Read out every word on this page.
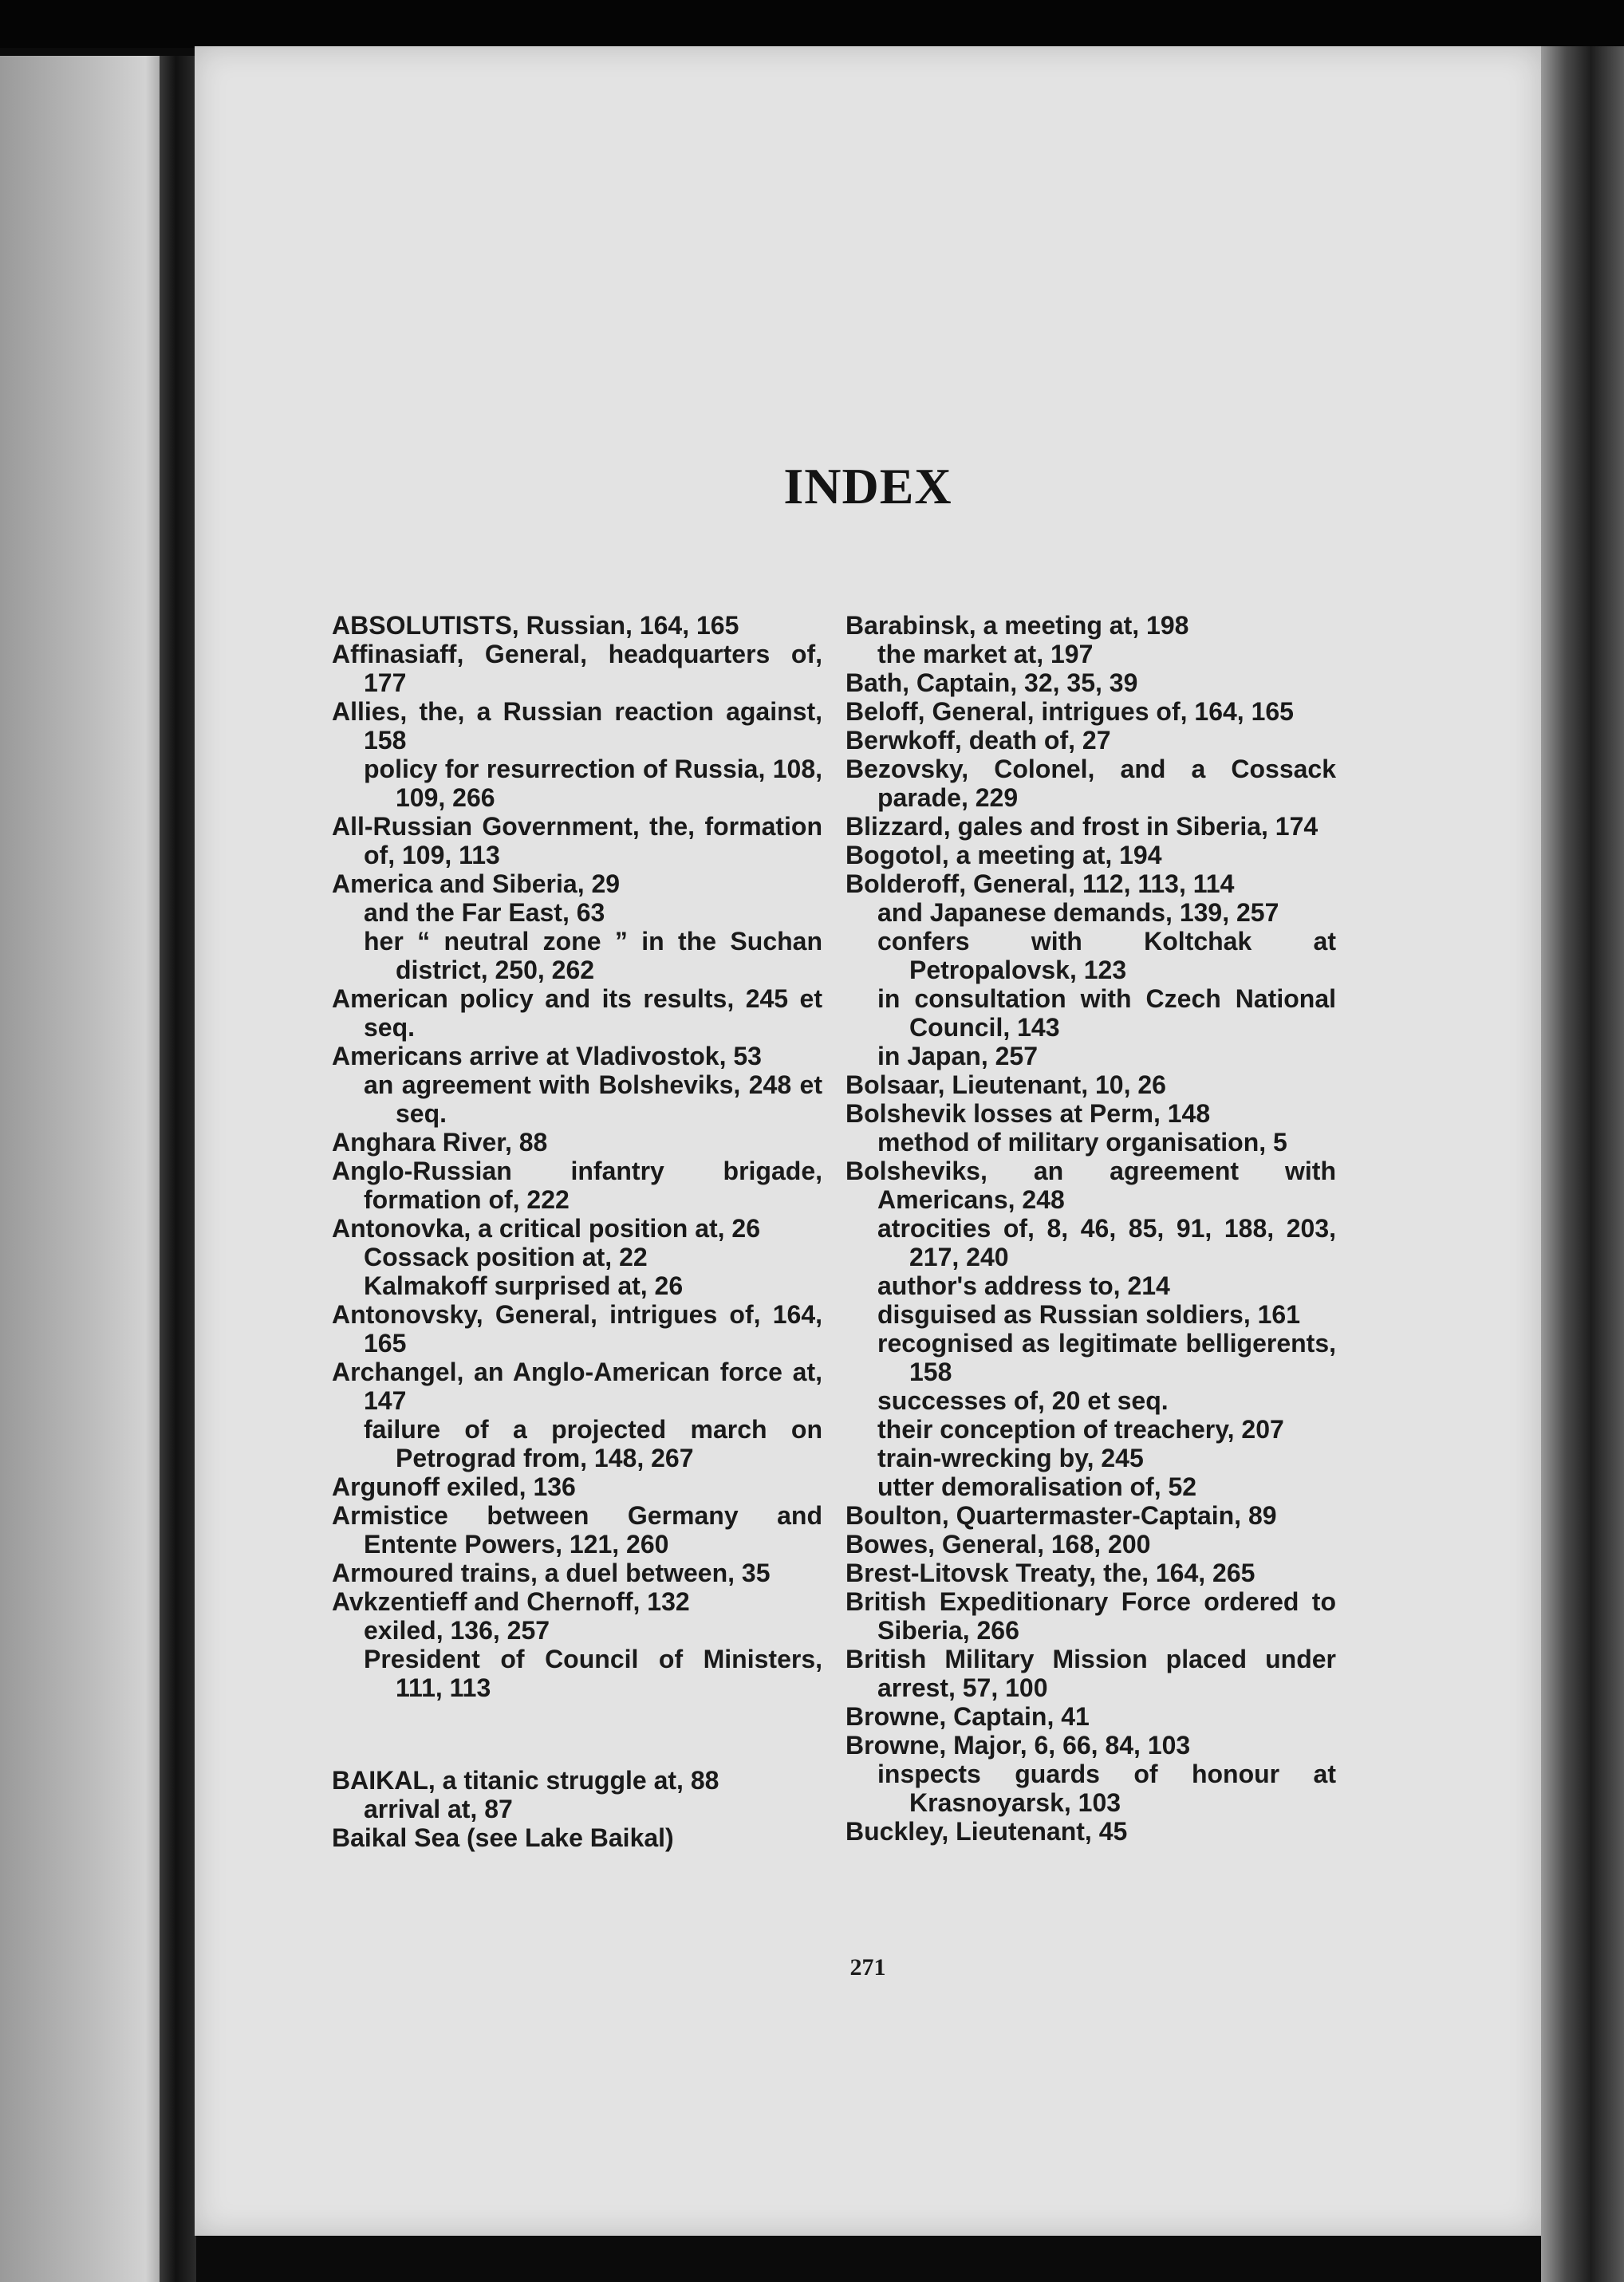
INDEX
ABSOLUTISTS, Russian, 164, 165
Affinasiaff, General, headquarters of, 177
Allies, the, a Russian reaction against, 158
policy for resurrection of Russia, 108, 109, 266
All-Russian Government, the, formation of, 109, 113
America and Siberia, 29
and the Far East, 63
her “ neutral zone ” in the Suchan district, 250, 262
American policy and its results, 245 et seq.
Americans arrive at Vladivostok, 53
an agreement with Bolsheviks, 248 et seq.
Anghara River, 88
Anglo-Russian infantry brigade, formation of, 222
Antonovka, a critical position at, 26
Cossack position at, 22
Kalmakoff surprised at, 26
Antonovsky, General, intrigues of, 164, 165
Archangel, an Anglo-American force at, 147
failure of a projected march on Petrograd from, 148, 267
Argunoff exiled, 136
Armistice between Germany and Entente Powers, 121, 260
Armoured trains, a duel between, 35
Avkzentieff and Chernoff, 132
exiled, 136, 257
President of Council of Ministers, 111, 113
BAIKAL, a titanic struggle at, 88
arrival at, 87
Baikal Sea (see Lake Baikal)
Barabinsk, a meeting at, 198
the market at, 197
Bath, Captain, 32, 35, 39
Beloff, General, intrigues of, 164, 165
Berwkoff, death of, 27
Bezovsky, Colonel, and a Cossack parade, 229
Blizzard, gales and frost in Siberia, 174
Bogotol, a meeting at, 194
Bolderoff, General, 112, 113, 114
and Japanese demands, 139, 257
confers with Koltchak at Petropalovsk, 123
in consultation with Czech National Council, 143
in Japan, 257
Bolsaar, Lieutenant, 10, 26
Bolshevik losses at Perm, 148
method of military organisation, 5
Bolsheviks, an agreement with Americans, 248
atrocities of, 8, 46, 85, 91, 188, 203, 217, 240
author's address to, 214
disguised as Russian soldiers, 161
recognised as legitimate belligerents, 158
successes of, 20 et seq.
their conception of treachery, 207
train-wrecking by, 245
utter demoralisation of, 52
Boulton, Quartermaster-Captain, 89
Bowes, General, 168, 200
Brest-Litovsk Treaty, the, 164, 265
British Expeditionary Force ordered to Siberia, 266
British Military Mission placed under arrest, 57, 100
Browne, Captain, 41
Browne, Major, 6, 66, 84, 103
inspects guards of honour at Krasnoyarsk, 103
Buckley, Lieutenant, 45
271
